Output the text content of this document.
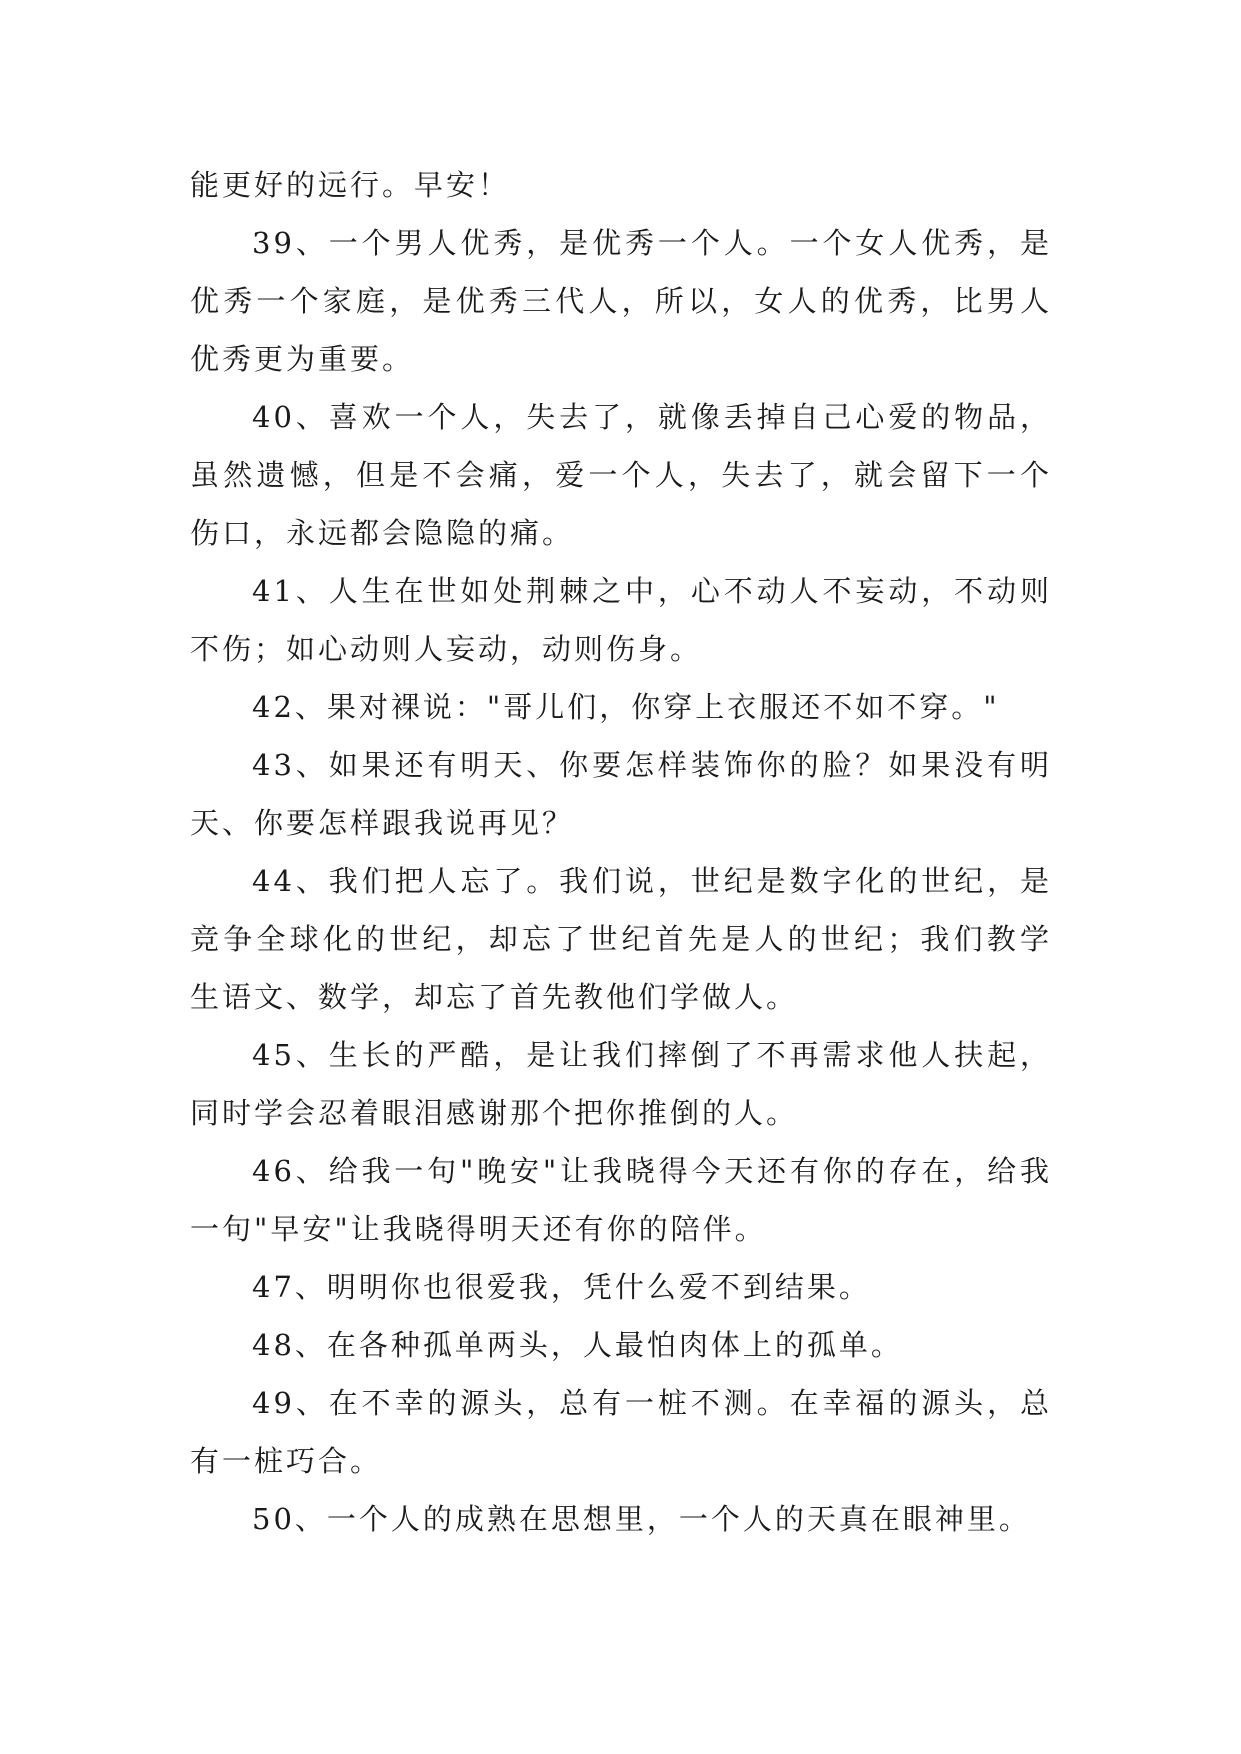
能更好的远行。早安！

39、一个男人优秀，是优秀一个人。一个女人优秀，是优秀一个家庭，是优秀三代人，所以，女人的优秀，比男人优秀更为重要。

40、喜欢一个人，失去了，就像丢掉自己心爱的物品，虽然遗憾，但是不会痛，爱一个人，失去了，就会留下一个伤口，永远都会隐隐的痛。

41、人生在世如处荆棘之中，心不动人不妄动，不动则不伤；如心动则人妄动，动则伤身。

42、果对裸说："哥儿们，你穿上衣服还不如不穿。"

43、如果还有明天、你要怎样装饰你的脸？如果没有明天、你要怎样跟我说再见？

44、我们把人忘了。我们说，世纪是数字化的世纪，是竞争全球化的世纪，却忘了世纪首先是人的世纪；我们教学生语文、数学，却忘了首先教他们学做人。

45、生长的严酷，是让我们摔倒了不再需求他人扶起，同时学会忍着眼泪感谢那个把你推倒的人。

46、给我一句"晚安"让我晓得今天还有你的存在，给我一句"早安"让我晓得明天还有你的陪伴。

47、明明你也很爱我，凭什么爱不到结果。

48、在各种孤单两头，人最怕肉体上的孤单。

49、在不幸的源头，总有一桩不测。在幸福的源头，总有一桩巧合。

50、一个人的成熟在思想里，一个人的天真在眼神里。
